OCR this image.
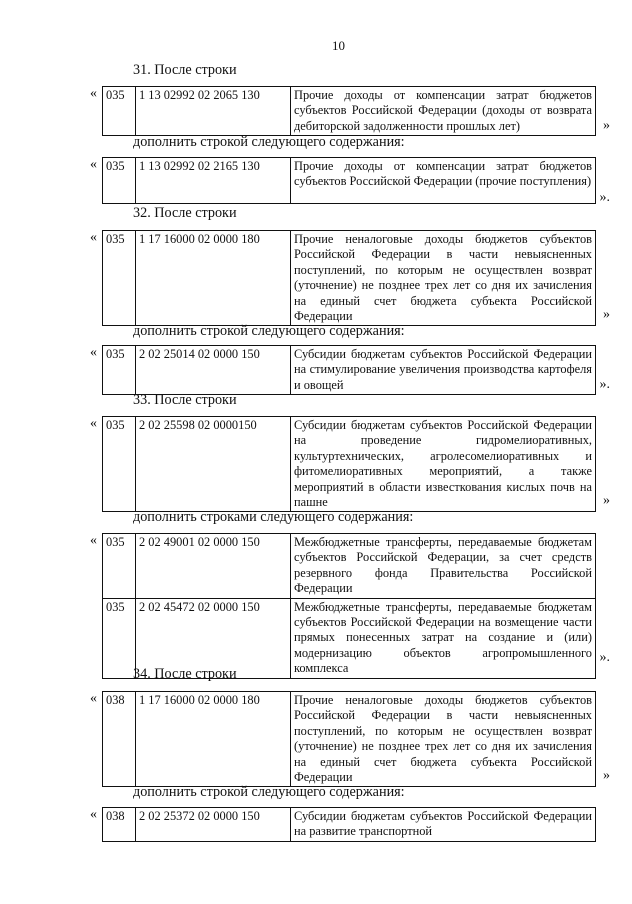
10
31. После строки
« 035	1 13 02992 02 2065 130	Прочие доходы от компенсации затрат бюджетов субъектов Российской Федерации (доходы от возврата дебиторской задолженности прошлых лет)	»
дополнить строкой следующего содержания:
« 035	1 13 02992 02 2165 130	Прочие доходы от компенсации затрат бюджетов субъектов Российской Федерации (прочие поступления)
».
32. После строки
« 035	1 17 16000 02 0000 180	Прочие неналоговые доходы бюджетов субъектов Российской Федерации в части невыясненных поступлений, по которым не осуществлен возврат (уточнение) не позднее трех лет со дня их зачисления на единый счет бюджета субъекта Российской Федерации	»
дополнить строкой следующего содержания:
« 035	2 02 25014 02 0000 150	Субсидии бюджетам субъектов Российской Федерации на стимулирование увеличения производства картофеля и овощей	».
33. После строки
« 035	2 02 25598 02 0000150	Субсидии бюджетам субъектов Российской Федерации на проведение гидромелиоративных, культуртехнических, агролесомелиоративных и фитомелиоративных мероприятий, а также мероприятий в области известкования кислых почв на пашне	»
дополнить строками следующего содержания:
« 035	2 02 49001 02 0000 150	Межбюджетные трансферты, передаваемые бюджетам субъектов Российской Федерации, за счет средств резервного фонда Правительства Российской Федерации
035	2 02 45472 02 0000 150	Межбюджетные трансферты, передаваемые бюджетам субъектов Российской Федерации на возмещение части прямых понесенных затрат на создание и (или) модернизацию объектов агропромышленного комплекса
».
34. После строки
« 038	1 17 16000 02 0000 180	Прочие неналоговые доходы бюджетов субъектов Российской Федерации в части невыясненных поступлений, по которым не осуществлен возврат (уточнение) не позднее трех лет со дня их зачисления на единый счет бюджета субъекта Российской Федерации	»
дополнить строкой следующего содержания:
« 038	2 02 25372 02 0000 150	Субсидии бюджетам субъектов Российской Федерации на развитие транспортной
